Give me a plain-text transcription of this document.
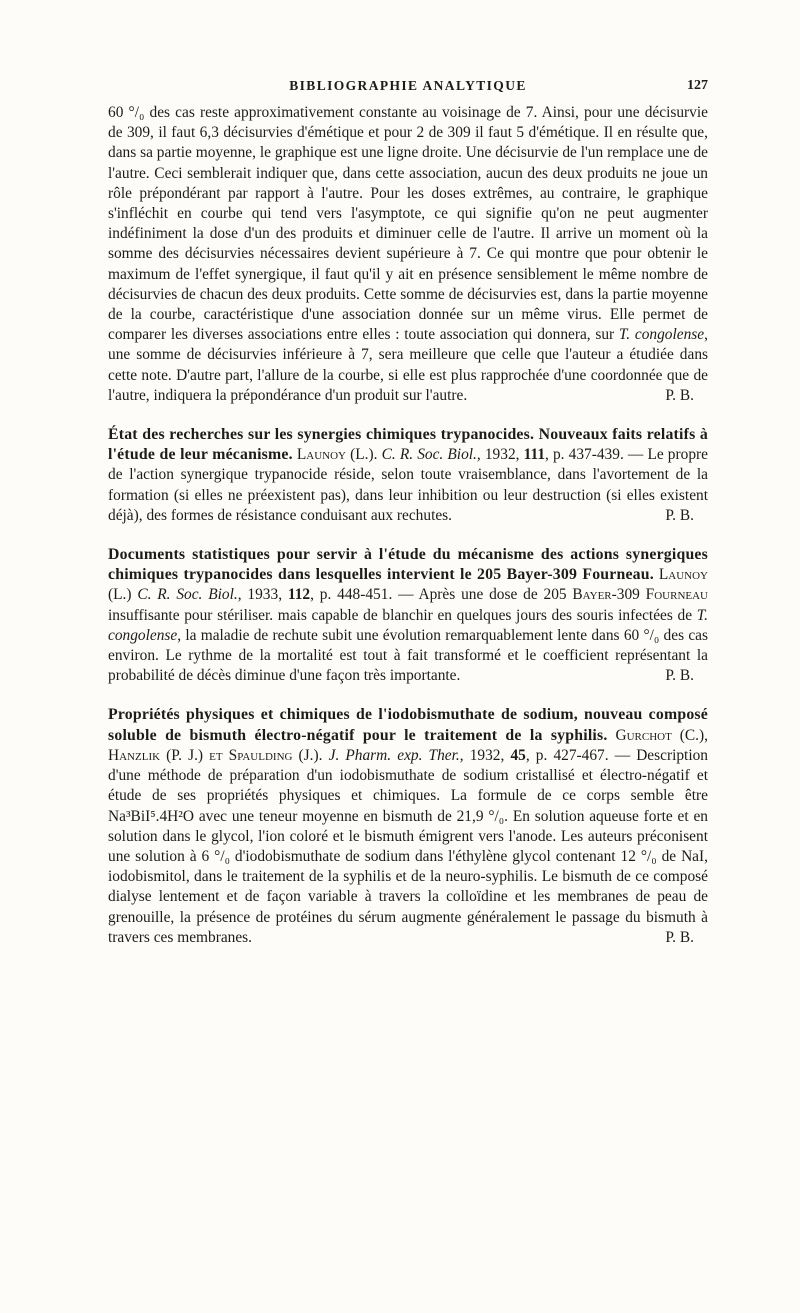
BIBLIOGRAPHIE ANALYTIQUE	127

60 °/₀ des cas reste approximativement constante au voisinage de 7. Ainsi, pour une décisurvie de 309, il faut 6,3 décisurvies d'émétique et pour 2 de 309 il faut 5 d'émétique. Il en résulte que, dans sa partie moyenne, le graphique est une ligne droite. Une décisurvie de l'un remplace une de l'autre. Ceci semblerait indiquer que, dans cette association, aucun des deux produits ne joue un rôle prépondérant par rapport à l'autre. Pour les doses extrêmes, au contraire, le graphique s'infléchit en courbe qui tend vers l'asymptote, ce qui signifie qu'on ne peut augmenter indéfiniment la dose d'un des produits et diminuer celle de l'autre. Il arrive un moment où la somme des décisurvies nécessaires devient supérieure à 7. Ce qui montre que pour obtenir le maximum de l'effet synergique, il faut qu'il y ait en présence sensiblement le même nombre de décisurvies de chacun des deux produits. Cette somme de décisurvies est, dans la partie moyenne de la courbe, caractéristique d'une association donnée sur un même virus. Elle permet de comparer les diverses associations entre elles : toute association qui donnera, sur T. congolense, une somme de décisurvies inférieure à 7, sera meilleure que celle que l'auteur a étudiée dans cette note. D'autre part, l'allure de la courbe, si elle est plus rapprochée d'une coordonnée que de l'autre, indiquera la prépondérance d'un produit sur l'autre.	P. B.

État des recherches sur les synergies chimiques trypanocides. Nouveaux faits relatifs à l'étude de leur mécanisme. Launoy (L.). C. R. Soc. Biol., 1932, 111, p. 437-439. — Le propre de l'action synergique trypanocide réside, selon toute vraisemblance, dans l'avortement de la formation (si elles ne préexistent pas), dans leur inhibition ou leur destruction (si elles existent déjà), des formes de résistance conduisant aux rechutes.	P. B.

Documents statistiques pour servir à l'étude du mécanisme des actions synergiques chimiques trypanocides dans lesquelles intervient le 205 Bayer-309 Fourneau. Launoy (L.) C. R. Soc. Biol., 1933, 112, p. 448-451. — Après une dose de 205 Bayer-309 Fourneau insuffisante pour stériliser. mais capable de blanchir en quelques jours des souris infectées de T. congolense, la maladie de rechute subit une évolution remarquablement lente dans 60 °/₀ des cas environ. Le rythme de la mortalité est tout à fait transformé et le coefficient représentant la probabilité de décès diminue d'une façon très importante.	P. B.

Propriétés physiques et chimiques de l'iodobismuthate de sodium, nouveau composé soluble de bismuth électro-négatif pour le traitement de la syphilis. Gurchot (C.), Hanzlik (P. J.) et Spaulding (J.). J. Pharm. exp. Ther., 1932, 45, p. 427-467. — Description d'une méthode de préparation d'un iodobismuthate de sodium cristallisé et électro-négatif et étude de ses propriétés physiques et chimiques. La formule de ce corps semble être Na³BiI⁵.4H²O avec une teneur moyenne en bismuth de 21,9 °/₀. En solution aqueuse forte et en solution dans le glycol, l'ion coloré et le bismuth émigrent vers l'anode. Les auteurs préconisent une solution à 6 °/₀ d'iodobismuthate de sodium dans l'éthylène glycol contenant 12 °/₀ de NaI, iodobismitol, dans le traitement de la syphilis et de la neuro-syphilis. Le bismuth de ce composé dialyse lentement et de façon variable à travers la colloïdine et les membranes de peau de grenouille, la présence de protéines du sérum augmente généralement le passage du bismuth à travers ces membranes.	P. B.
